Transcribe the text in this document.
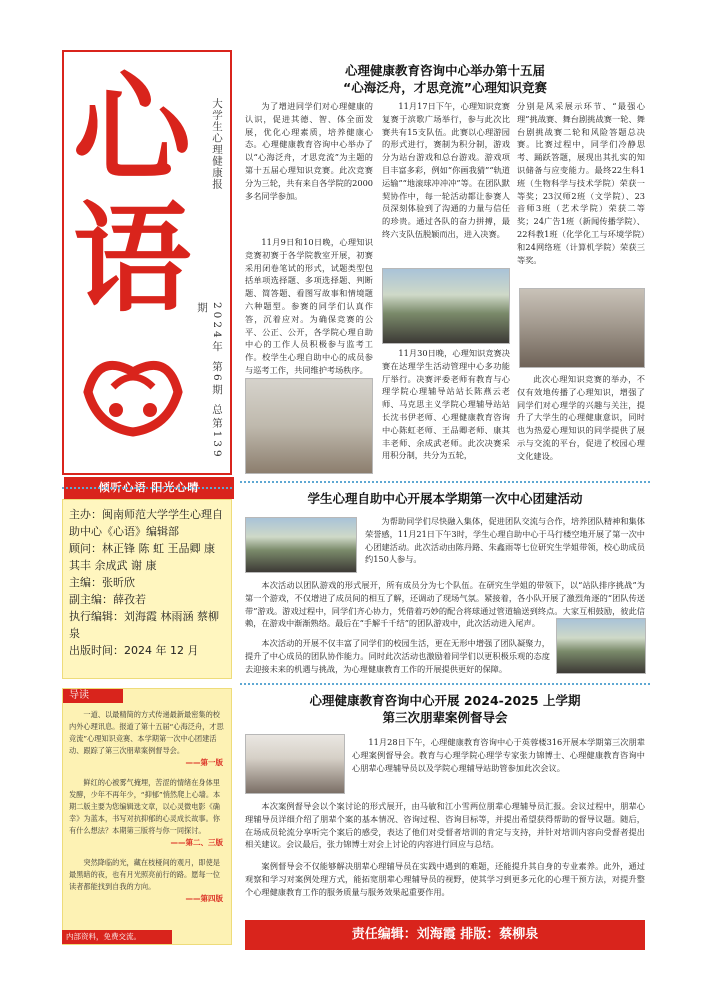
心
语
大学生心理健康报
2024年 第6期 总第139期
倾听心语 阳光心晴
主办：闽南师范大学学生心理自助中心《心语》编辑部
顾问：林正锋 陈 虹 王品卿 康其丰 余成武 谢 康
主编：张昕欣
副主编：薛孜若
执行编辑：刘海霞 林雨涵 蔡柳泉
出版时间：2024 年 12 月
导读

一道、以最精简的方式传递最新最密集的校内外心理讯息。报道了第十五届“心海泛舟，才思竞流”心理知识竞赛、本学期第一次中心团建活动、跟踪了第三次朋辈案例督导会。

——第一版

鲜红的心被雾气掩埋，苦涩的情绪在身体里发酵，少年不再年少，“抑郁”悄然爬上心墙。本期二版主要为您编辑选文章，以心灵微电影《确幸》为蓝本，书写对抗抑郁的心灵成长故事。你有什么想法？本期第三版将与你一同探讨。

——第二、三版

突然降临的光，藏在枝桠间的观月，即使是最黑暗的夜，也有月光照亮前行的路。愿每一位读者都能找到自我的方向。

——第四版

内部资料，免费交流。
心理健康教育咨询中心举办第十五届
“心海泛舟，才思竞流”心理知识竞赛
为了增进同学们对心理健康的认识，促进其德、智、体全面发展，优化心理素质，培养健康心态。心理健康教育咨询中心举办了以“心海泛舟，才思竞流”为主题的第十五届心理知识竞赛。此次竞赛分为三轮，共有来自各学院的2000多名同学参加。
11月9日和10日晚，心理知识竞赛初赛于各学院教室开展，初赛采用闭卷笔试的形式，试题类型包括单项选择题、多项选择题、判断题、简答题、看图写故事和情境题六种题型。参赛的同学们认真作答，沉着应对。为确保竞赛的公平、公正、公开，各学院心理自助中心的工作人员积极参与监考工作。校学生心理自助中心的成员参与巡考工作，共同维护考场秩序。
11月17日下午，心理知识竞赛复赛于滨歌广场举行，参与此次比赛共有15支队伍。此赛以心理游园的形式进行，赛制为积分制，游戏分为站台游戏和总台游戏。游戏项目丰富多彩，例如“你画我猜”“轨道运输”“地滚球冲冲冲”等。在团队默契协作中，每一轮活动都让参赛人员深刻体验到了沟通的力量与信任的珍贵。通过各队的奋力拼搏，最终六支队伍脱颖而出，进入决赛。
11月30日晚，心理知识竞赛决赛在达理学生活动管理中心多功能厅举行。决赛评委老师有教育与心理学院心理辅导站站长陈燕云老师、马克思主义学院心理辅导站站长沈书伊老师、心理健康教育咨询中心陈虹老师、王品卿老师、康其丰老师、余成武老师。此次决赛采用积分制，共分为五轮，
分别是风采展示环节、“最强心理”挑战赛、舞台剧挑战赛一轮、舞台剧挑战赛二轮和风险答题总决赛。比赛过程中，同学们冷静思考、踊跃答题，展现出其扎实的知识储备与应变能力。最终22生科1班（生物科学与技术学院）荣获一等奖；23汉师2班（文学院）、23音师3班（艺术学院）荣获二等奖；24广告1班（新闻传播学院）、22科教1班（化学化工与环境学院）和24网络班（计算机学院）荣获三等奖。
此次心理知识竞赛的举办，不仅有效地传播了心理知识，增强了同学们对心理学的兴趣与关注，提升了大学生的心理健康意识，同时也为热爱心理知识的同学提供了展示与交流的平台，促进了校园心理文化建设。
学生心理自助中心开展本学期第一次中心团建活动
为帮助同学们尽快融入集体，促进团队交流与合作，培养团队精神和集体荣誉感，11月21日下午3时，学生心理自助中心于马行楼空地开展了第一次中心团建活动。此次活动由陈丹路、朱鑫雨等七位研究生学姐带领，校心助成员约150人参与。
本次活动以团队游戏的形式展开，所有成员分为七个队伍。在研究生学姐的带领下，以“站队排序挑战”为第一个游戏，不仅增进了成员间的相互了解，还调动了现场气氛。紧接着，各小队开展了激烈角逐的“团队传送带”游戏。游戏过程中，同学们齐心协力，凭借着巧妙的配合将球通过管道输送到终点。大家互相鼓励，彼此信赖，在游戏中渐渐熟络。最后在“手解千千结”的团队游戏中，此次活动进入尾声。
本次活动的开展不仅丰富了同学们的校园生活，更在无形中增强了团队凝聚力，提升了中心成员的团队协作能力。同时此次活动也激励着同学们以更积极乐观的态度去迎接未来的机遇与挑战，为心理健康教育工作的开展提供更好的保障。
心理健康教育咨询中心开展 2024-2025 上学期
第三次朋辈案例督导会
11月28日下午，心理健康教育咨询中心于英蓉楼316开展本学期第三次朋辈心理案例督导会。教育与心理学院心理学专家张力锦博士、心理健康教育咨询中心朋辈心理辅导员以及学院心理辅导站助管参加此次会议。
本次案例督导会以个案讨论的形式展开，由马敏和江小雪两位朋辈心理辅导员汇报。会议过程中，朋辈心理辅导员详细介绍了朋辈个案的基本情况、咨询过程、咨询目标等，并提出希望获得帮助的督导议题。随后，在场成员轮流分享听完个案后的感受，表达了他们对受督者培训的肯定与支持，并针对培训内容向受督者提出相关建议。会议最后，张力锦博士对会上讨论的内容进行回应与总结。
案例督导会不仅能够解决朋辈心理辅导员在实践中遇到的难题，还能提升其自身的专业素养。此外，通过观察和学习对案例处理方式，能拓宽朋辈心理辅导员的视野，使其学习到更多元化的心理干预方法，对提升整个心理健康教育工作的服务质量与服务效果起重要作用。
责任编辑：刘海霞 排版：蔡柳泉
